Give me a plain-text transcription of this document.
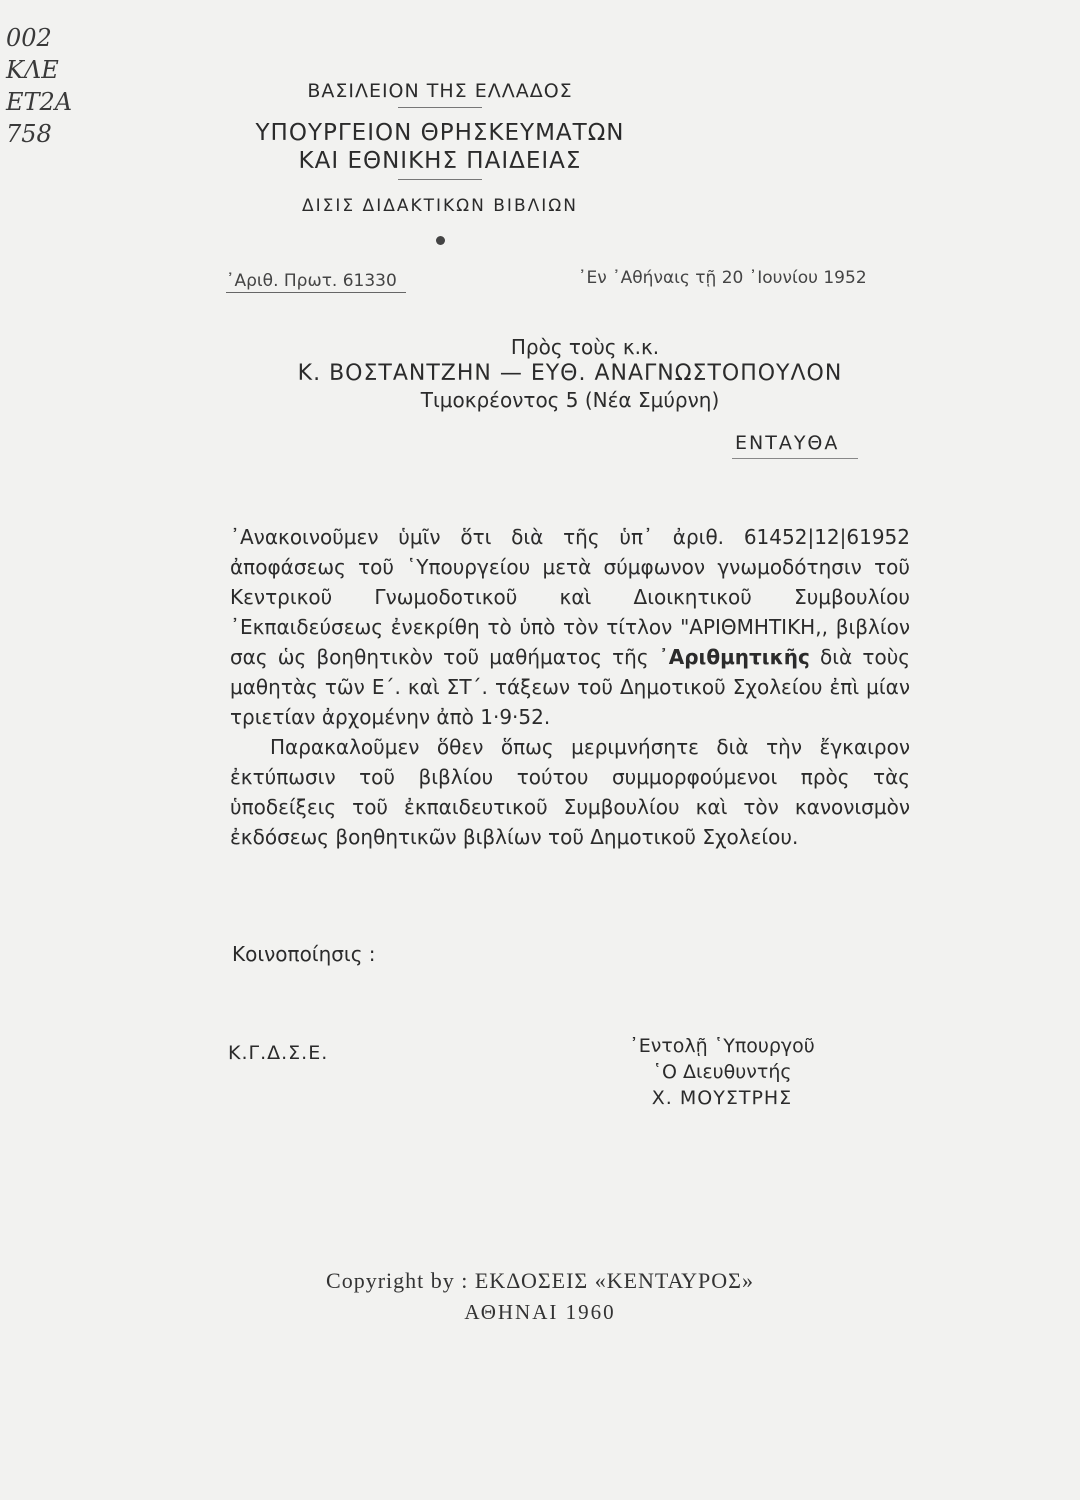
002
ΚΛΕ
ΕΤ2Α
758
ΒΑΣΙΛΕΙΟΝ ΤΗΣ ΕΛΛΑΔΟΣ
ΥΠΟΥΡΓΕΙΟΝ ΘΡΗΣΚΕΥΜΑΤΩΝ
ΚΑΙ ΕΘΝΙΚΗΣ ΠΑΙΔΕΙΑΣ
ΔΙΣΙΣ ΔΙΔΑΚΤΙΚΩΝ ΒΙΒΛΙΩΝ
᾿Αριθ. Πρωτ. 61330	᾿Εν ᾿Αθήναις τῇ 20 ᾿Ιουνίου 1952
Πρὸς τοὺς κ.κ.
Κ. ΒΟΣΤΑΝΤΖΗΝ — ΕΥΘ. ΑΝΑΓΝΩΣΤΟΠΟΥΛΟΝ
Τιμοκρέοντος 5 (Νέα Σμύρνη)
ΕΝΤΑΥΘΑ

᾿Ανακοινοῦμεν ὑμῖν ὅτι διὰ τῆς ὑπ᾿ ἀριθ. 61452|12|61952 ἀποφάσεως τοῦ ῾Υπουργείου μετὰ σύμφωνον γνωμοδότησιν τοῦ Κεντρικοῦ Γνωμοδοτικοῦ καὶ Διοικητικοῦ Συμβουλίου ᾿Εκπαιδεύσεως ἐνεκρίθη τὸ ὑπὸ τὸν τίτλον "ΑΡΙΘΜΗΤΙΚΗ,, βιβλίον σας ὡς βοηθητικὸν τοῦ μαθήματος τῆς ᾿Αριθμητικῆς διὰ τοὺς μαθητὰς τῶν Ε΄. καὶ ΣΤ΄. τάξεων τοῦ Δημοτικοῦ Σχολείου ἐπὶ μίαν τριετίαν ἀρχομένην ἀπὸ 1·9·52.

Παρακαλοῦμεν ὅθεν ὅπως μεριμνήσητε διὰ τὴν ἔγκαιρον ἐκτύπωσιν τοῦ βιβλίου τούτου συμμορφούμενοι πρὸς τὰς ὑποδείξεις τοῦ ἐκπαιδευτικοῦ Συμβουλίου καὶ τὸν κανονισμὸν ἐκδόσεως βοηθητικῶν βιβλίων τοῦ Δημοτικοῦ Σχολείου.

Κοινοποίησις :
Κ.Γ.Δ.Σ.Ε.	᾿Εντολῇ ῾Υπουργοῦ
῾Ο Διευθυντής
Χ. ΜΟΥΣΤΡΗΣ
Copyright by : ΕΚΔΟΣΕΙΣ «ΚΕΝΤΑΥΡΟΣ»
ΑΘΗΝΑΙ 1960
